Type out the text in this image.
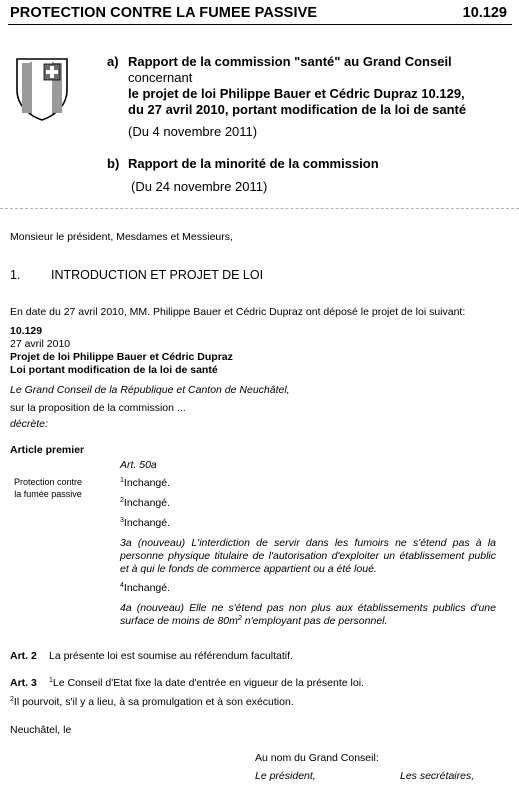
PROTECTION CONTRE LA FUMEE PASSIVE	10.129
a) Rapport de la commission "santé" au Grand Conseil
concernant
le projet de loi Philippe Bauer et Cédric Dupraz 10.129,
du 27 avril 2010, portant modification de la loi de santé
(Du 4 novembre 2011)
b) Rapport de la minorité de la commission
(Du 24 novembre 2011)
Monsieur le président, Mesdames et Messieurs,
1. INTRODUCTION ET PROJET DE LOI
En date du 27 avril 2010, MM. Philippe Bauer et Cédric Dupraz ont déposé le projet de loi suivant:
10.129
27 avril 2010
Projet de loi Philippe Bauer et Cédric Dupraz
Loi portant modification de la loi de santé
Le Grand Conseil de la République et Canton de Neuchâtel,
sur la proposition de la commission ...
décrète:
Article premier
Protection contre
la fumée passive
Art. 50a
$^1$Inchangé.
$^2$Inchangé.
$^3$Inchangé.
3a (nouveau) L'interdiction de servir dans les fumoirs ne s'étend pas à la personne physique titulaire de l'autorisation d'exploiter un établissement public et à qui le fonds de commerce appartient ou a été loué.
$^4$Inchangé.
4a (nouveau) Elle ne s'étend pas non plus aux établissements publics d'une surface de moins de $80m^2$ n'employant pas de personnel.
Art. 2 La présente loi est soumise au référendum facultatif.
Art. 3 $^1$Le Conseil d'Etat fixe la date d'entrée en vigueur de la présente loi.
$^2$Il pourvoit, s'il y a lieu, à sa promulgation et à son exécution.
Neuchâtel, le
Au nom du Grand Conseil:
Le président,	Les secrétaires,
